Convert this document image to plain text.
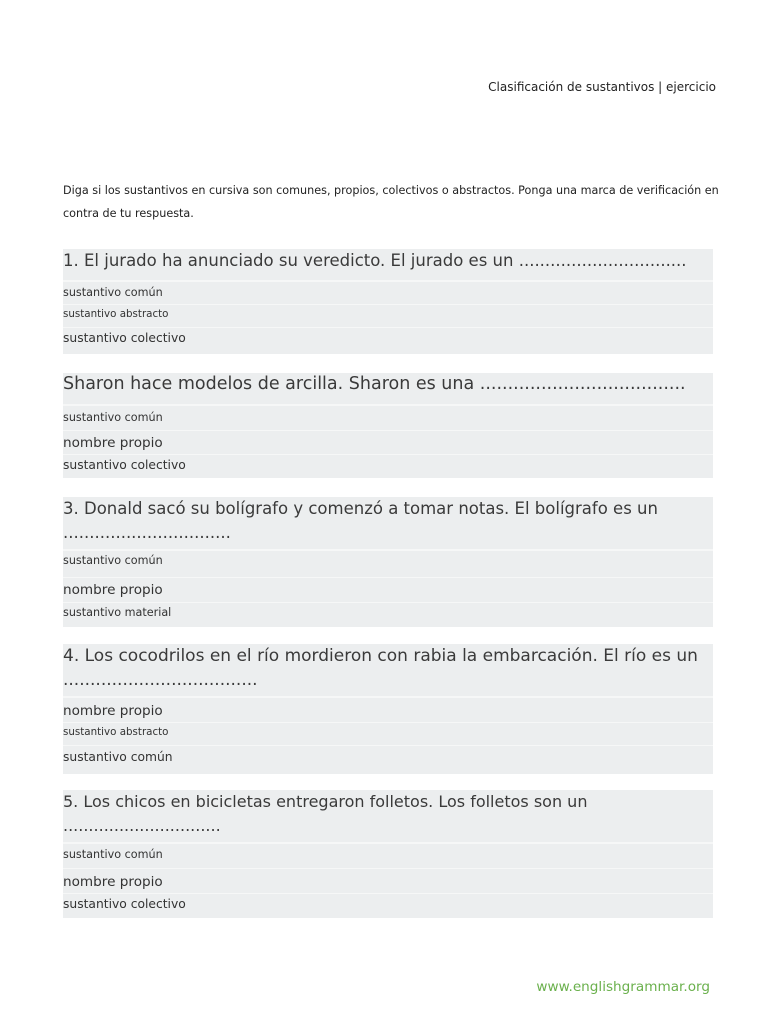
Clasificación de sustantivos | ejercicio
Diga si los sustantivos en cursiva son comunes, propios, colectivos o abstractos. Ponga una marca de verificación en contra de tu respuesta.
1. El jurado ha anunciado su veredicto. El jurado es un ................................
sustantivo común
sustantivo abstracto
sustantivo colectivo
Sharon hace modelos de arcilla. Sharon es una .....................................
sustantivo común
nombre propio
sustantivo colectivo
3. Donald sacó su bolígrafo y comenzó a tomar notas. El bolígrafo es un ................................
sustantivo común
nombre propio
sustantivo material
4. Los cocodrilos en el río mordieron con rabia la embarcación. El río es un ....................................
nombre propio
sustantivo abstracto
sustantivo común
5. Los chicos en bicicletas entregaron folletos. Los folletos son un ...............................
sustantivo común
nombre propio
sustantivo colectivo
www.englishgrammar.org
